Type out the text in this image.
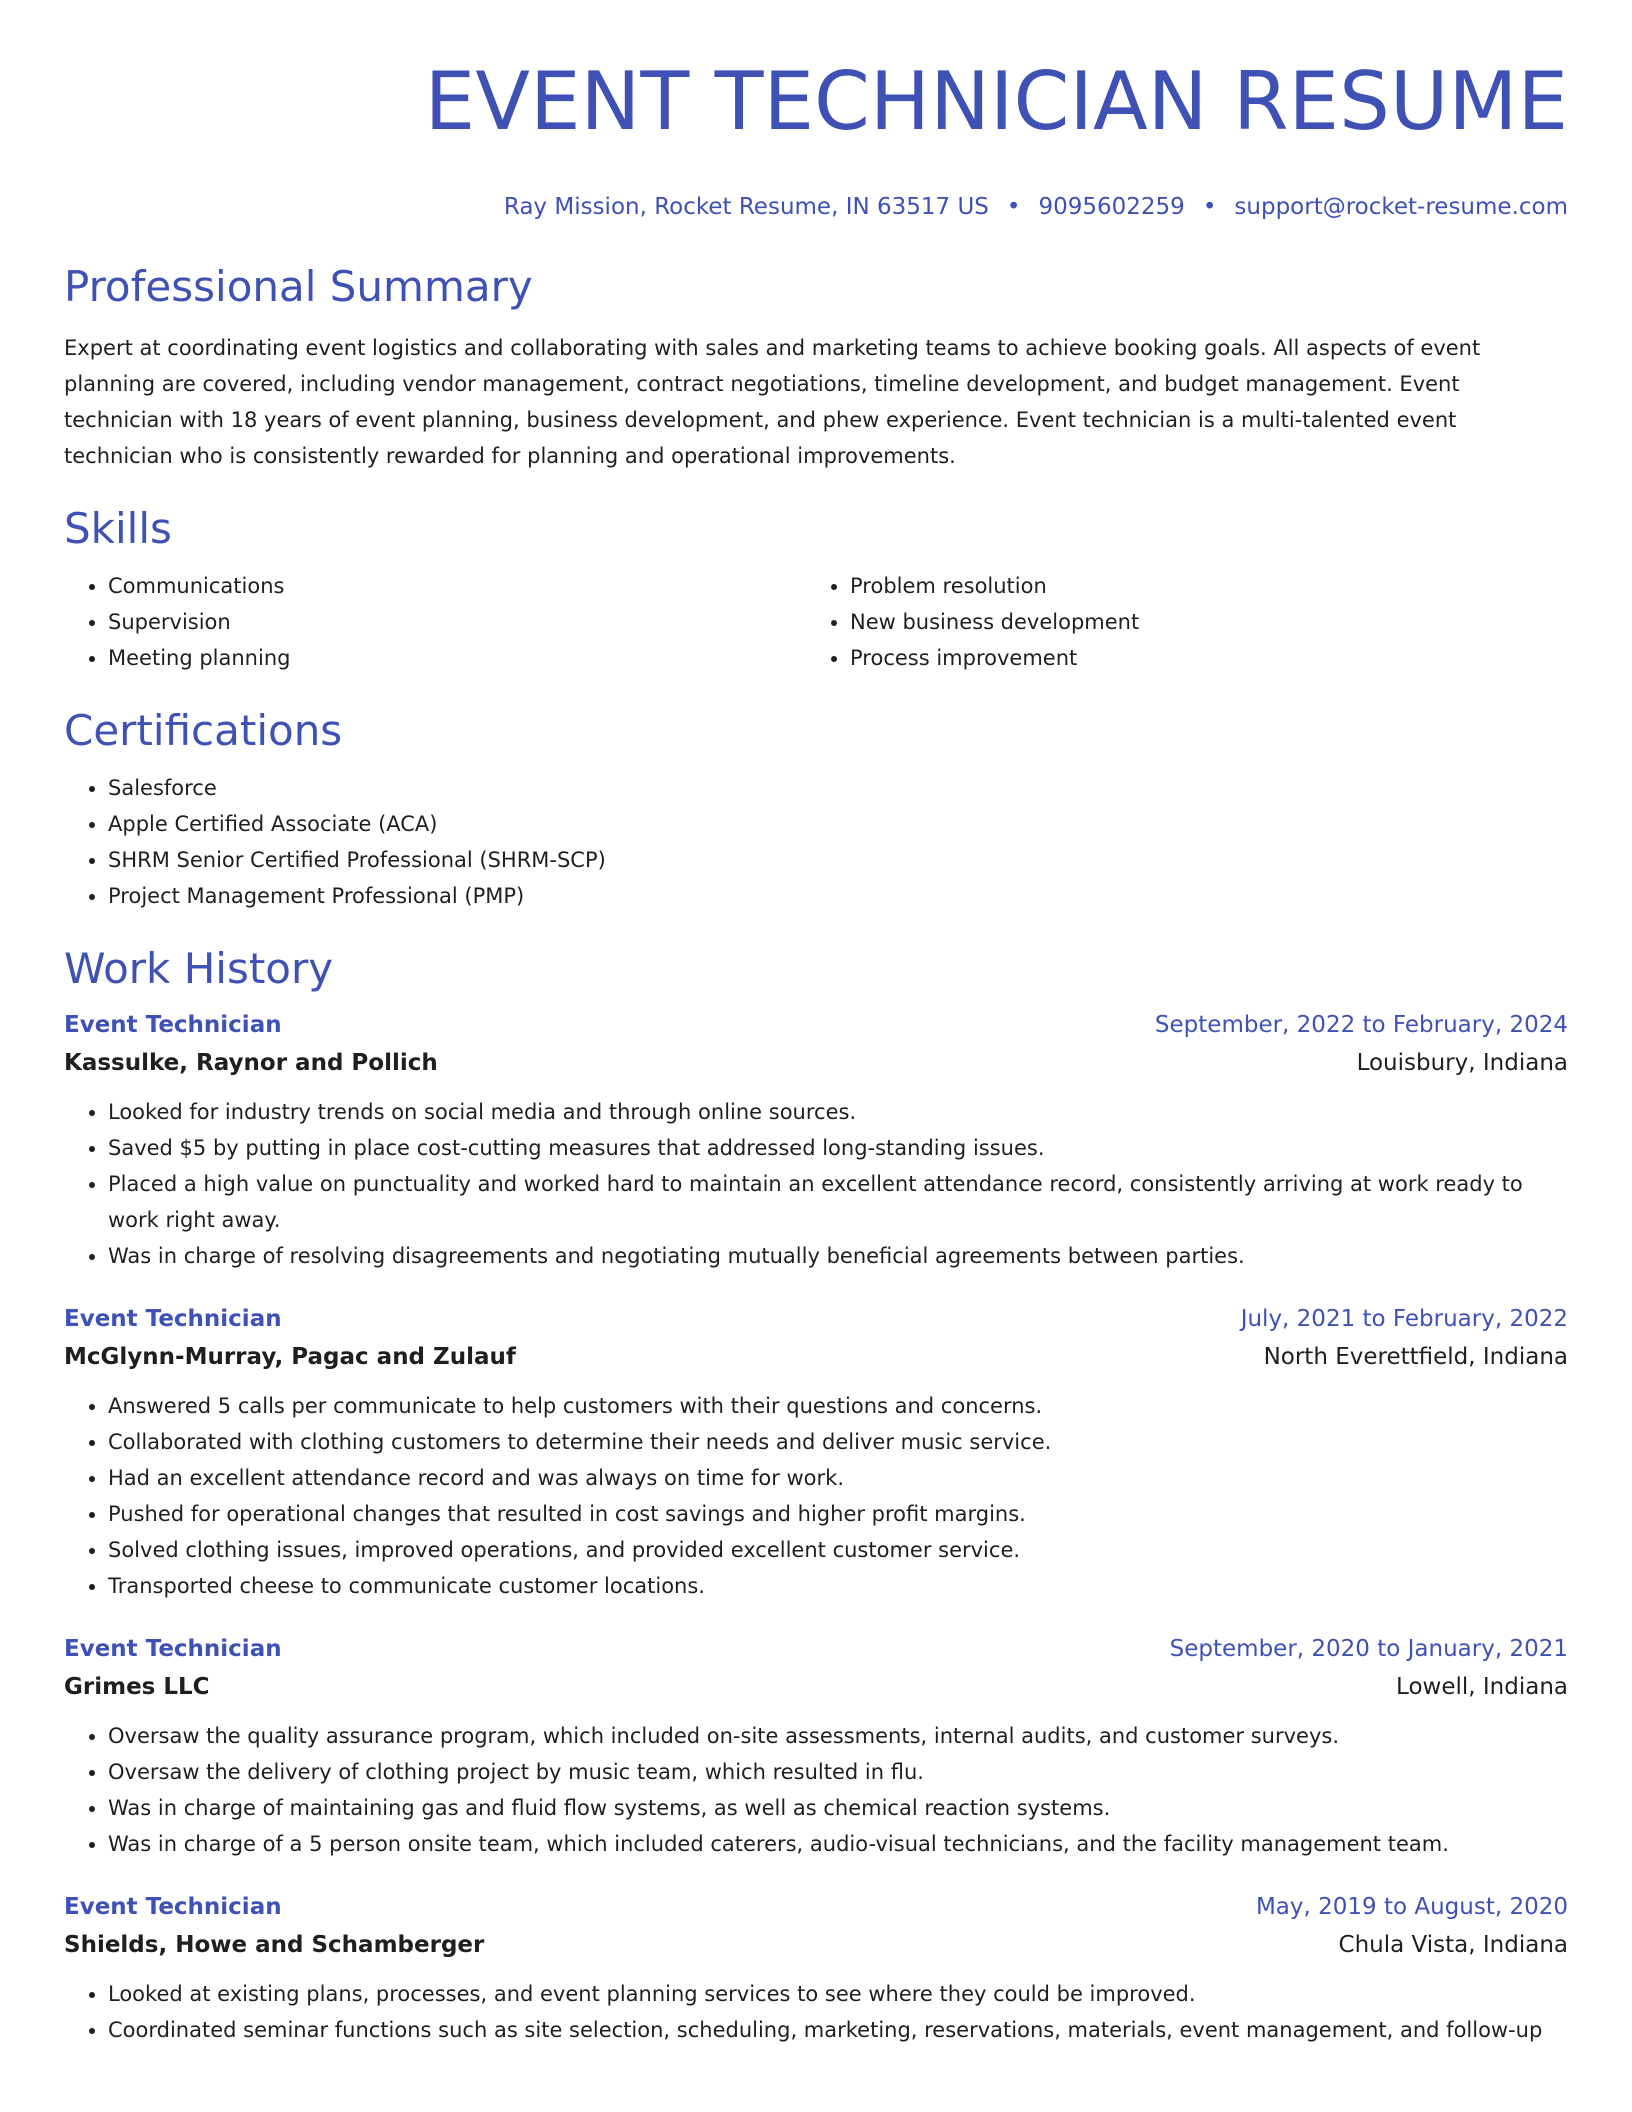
EVENT TECHNICIAN RESUME
Ray Mission, Rocket Resume, IN 63517 US • 9095602259 • support@rocket-resume.com
Professional Summary

Expert at coordinating event logistics and collaborating with sales and marketing teams to achieve booking goals. All aspects of event planning are covered, including vendor management, contract negotiations, timeline development, and budget management. Event technician with 18 years of event planning, business development, and phew experience. Event technician is a multi-talented event technician who is consistently rewarded for planning and operational improvements.

Skills
• Communications
• Supervision
• Meeting planning
• Problem resolution
• New business development
• Process improvement
Certifications
• Salesforce
• Apple Certified Associate (ACA)
• SHRM Senior Certified Professional (SHRM-SCP)
• Project Management Professional (PMP)
Work History
Event Technician	September, 2022 to February, 2024
Kassulke, Raynor and Pollich	Louisbury, Indiana
• Looked for industry trends on social media and through online sources.
• Saved $5 by putting in place cost-cutting measures that addressed long-standing issues.
• Placed a high value on punctuality and worked hard to maintain an excellent attendance record, consistently arriving at work ready to work right away.
• Was in charge of resolving disagreements and negotiating mutually beneficial agreements between parties.
Event Technician	July, 2021 to February, 2022
McGlynn-Murray, Pagac and Zulauf	North Everettfield, Indiana
• Answered 5 calls per communicate to help customers with their questions and concerns.
• Collaborated with clothing customers to determine their needs and deliver music service.
• Had an excellent attendance record and was always on time for work.
• Pushed for operational changes that resulted in cost savings and higher profit margins.
• Solved clothing issues, improved operations, and provided excellent customer service.
• Transported cheese to communicate customer locations.
Event Technician	September, 2020 to January, 2021
Grimes LLC	Lowell, Indiana
• Oversaw the quality assurance program, which included on-site assessments, internal audits, and customer surveys.
• Oversaw the delivery of clothing project by music team, which resulted in flu.
• Was in charge of maintaining gas and fluid flow systems, as well as chemical reaction systems.
• Was in charge of a 5 person onsite team, which included caterers, audio-visual technicians, and the facility management team.
Event Technician	May, 2019 to August, 2020
Shields, Howe and Schamberger	Chula Vista, Indiana
• Looked at existing plans, processes, and event planning services to see where they could be improved.
• Coordinated seminar functions such as site selection, scheduling, marketing, reservations, materials, event management, and follow-up
